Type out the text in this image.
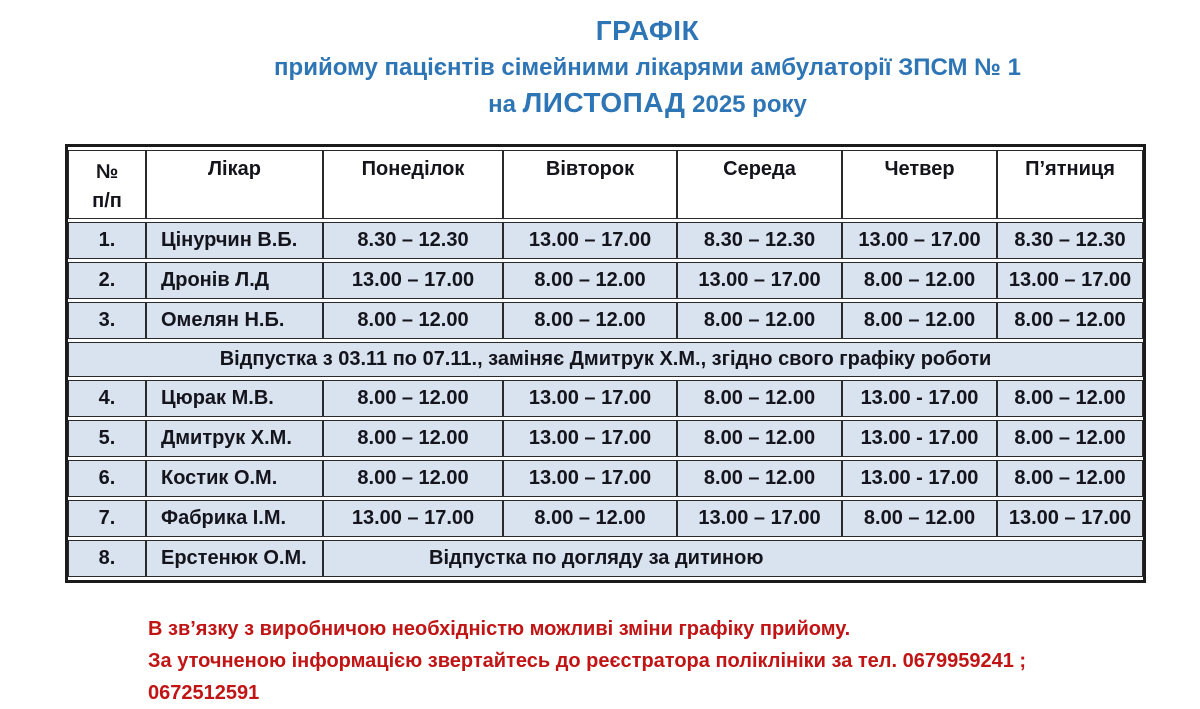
ГРАФІК
прийому пацієнтів сімейними лікарями амбулаторії ЗПСМ № 1
на ЛИСТОПАД 2025 року
№
п/п	Лікар	Понеділок	Вівторок	Середа	Четвер	П’ятниця
1.	Цінурчин В.Б.	8.30 – 12.30	13.00 – 17.00	8.30 – 12.30	13.00 – 17.00	8.30 – 12.30
2.	Дронів Л.Д	13.00 – 17.00	8.00 – 12.00	13.00 – 17.00	8.00 – 12.00	13.00 – 17.00
3.	Омелян Н.Б.	8.00 – 12.00	8.00 – 12.00	8.00 – 12.00	8.00 – 12.00	8.00 – 12.00
Відпустка з 03.11 по 07.11., заміняє Дмитрук Х.М., згідно свого графіку роботи						
4.	Цюрак М.В.	8.00 – 12.00	13.00 – 17.00	8.00 – 12.00	13.00 - 17.00	8.00 – 12.00
5.	Дмитрук Х.М.	8.00 – 12.00	13.00 – 17.00	8.00 – 12.00	13.00 - 17.00	8.00 – 12.00
6.	Костик О.М.	8.00 – 12.00	13.00 – 17.00	8.00 – 12.00	13.00 - 17.00	8.00 – 12.00
7.	Фабрика І.М.	13.00 – 17.00	8.00 – 12.00	13.00 – 17.00	8.00 – 12.00	13.00 – 17.00
8.	Ерстенюк О.М.	Відпустка по догляду за дитиною				
В зв’язку з виробничою необхідністю можливі зміни графіку прийому.
За уточненою інформацією звертайтесь до реєстратора поліклініки за тел. 0679959241 ;
0672512591
